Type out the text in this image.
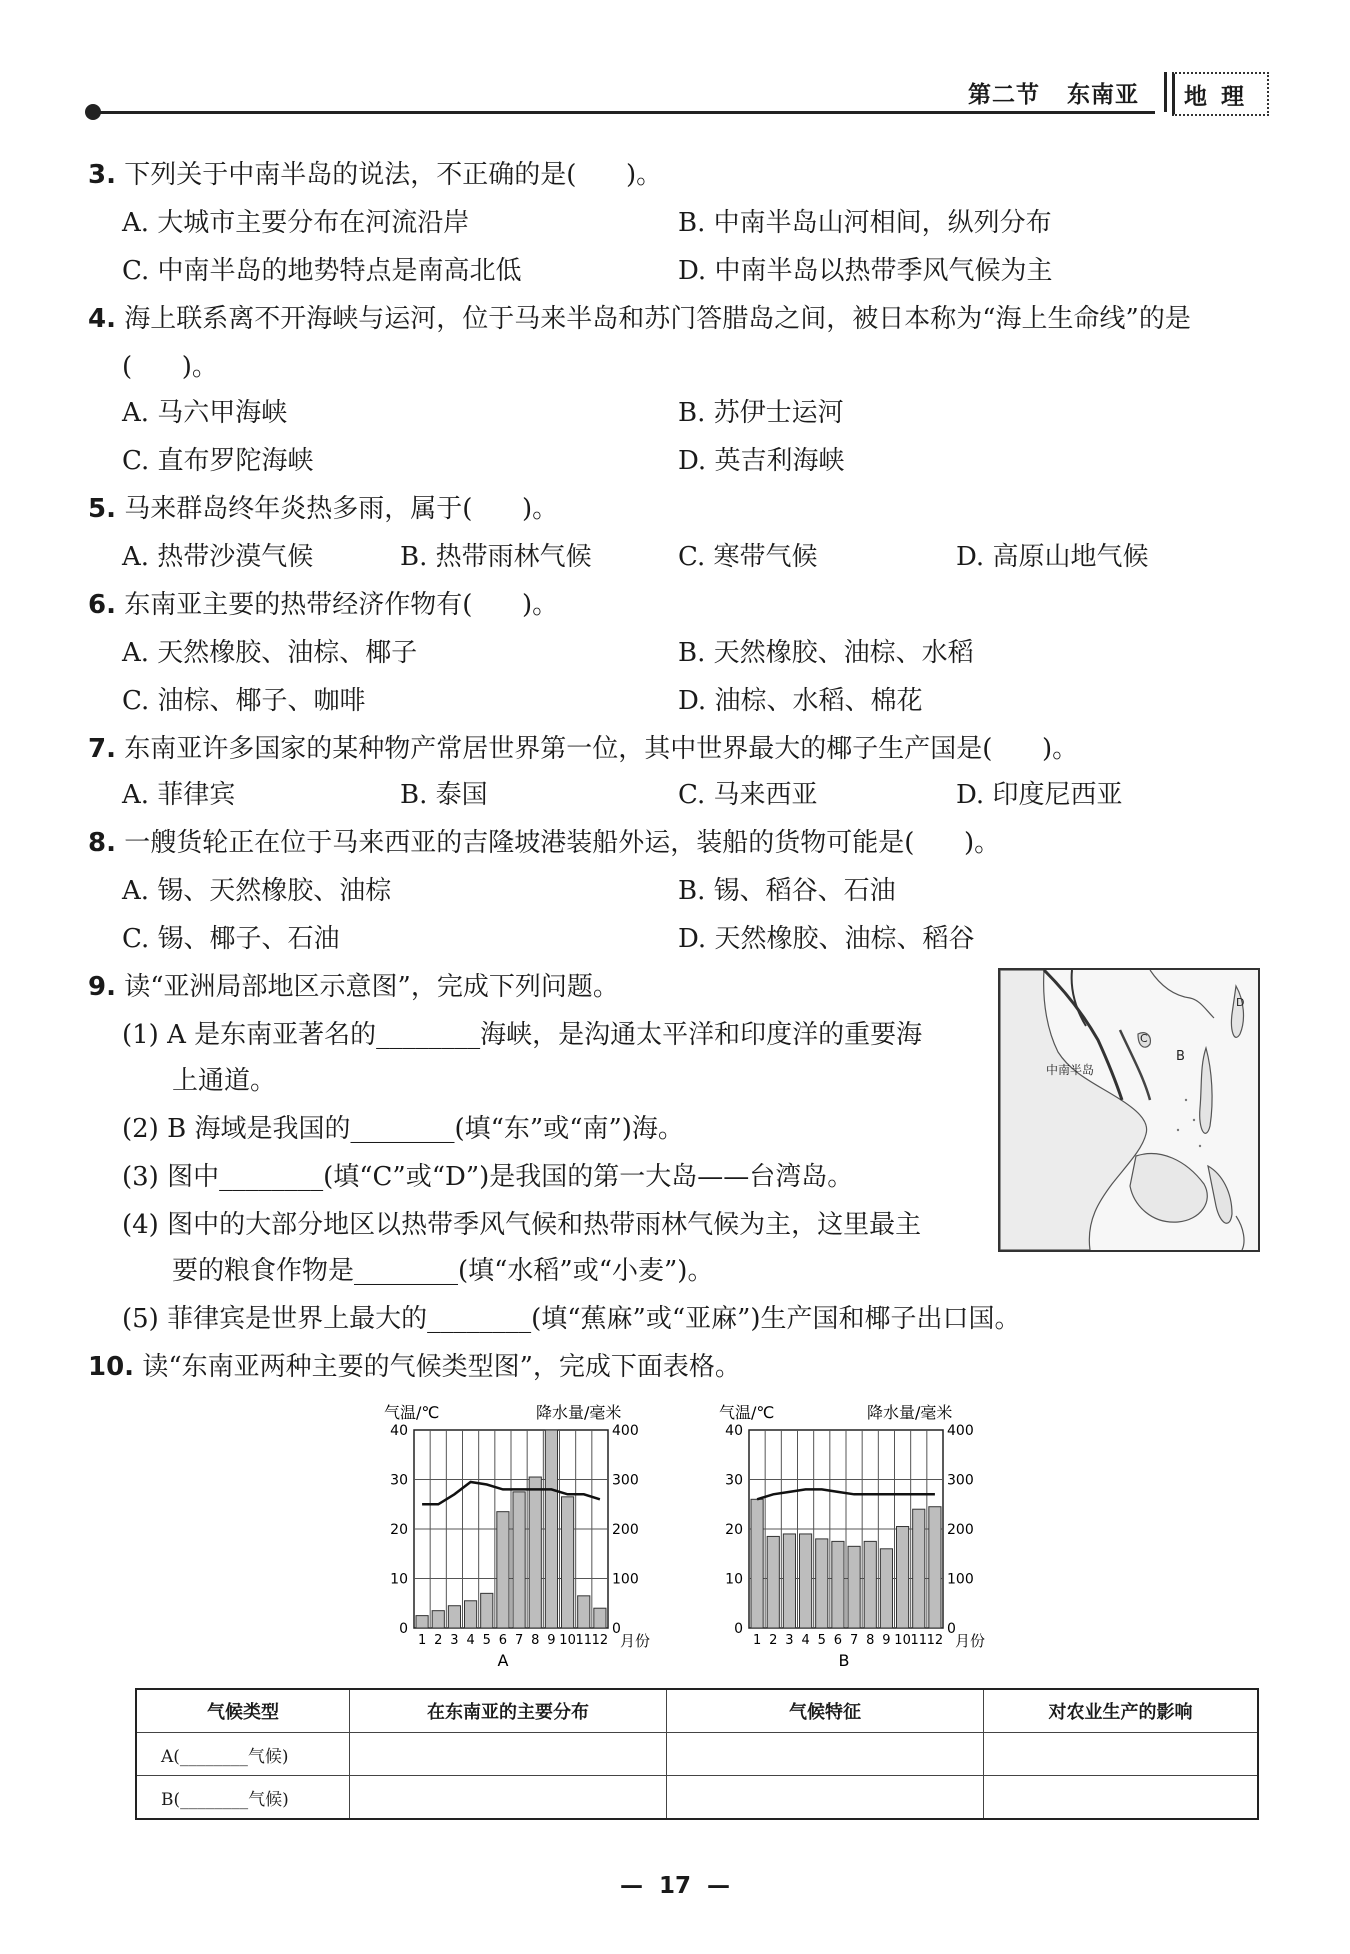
第二节   东南亚	地理
3. 下列关于中南半岛的说法，不正确的是(      )。
A. 大城市主要分布在河流沿岸	B. 中南半岛山河相间，纵列分布
C. 中南半岛的地势特点是南高北低	D. 中南半岛以热带季风气候为主
4. 海上联系离不开海峡与运河，位于马来半岛和苏门答腊岛之间，被日本称为“海上生命线”的是
(      )。
A. 马六甲海峡	B. 苏伊士运河
C. 直布罗陀海峡	D. 英吉利海峡
5. 马来群岛终年炎热多雨，属于(      )。
A. 热带沙漠气候	B. 热带雨林气候	C. 寒带气候	D. 高原山地气候
6. 东南亚主要的热带经济作物有(      )。
A. 天然橡胶、油棕、椰子	B. 天然橡胶、油棕、水稻
C. 油棕、椰子、咖啡	D. 油棕、水稻、棉花
7. 东南亚许多国家的某种物产常居世界第一位，其中世界最大的椰子生产国是(      )。
A. 菲律宾	B. 泰国	C. 马来西亚	D. 印度尼西亚
8. 一艘货轮正在位于马来西亚的吉隆坡港装船外运，装船的货物可能是(      )。
A. 锡、天然橡胶、油棕	B. 锡、稻谷、石油
C. 锡、椰子、石油	D. 天然橡胶、油棕、稻谷
9. 读“亚洲局部地区示意图”，完成下列问题。
(1) A 是东南亚著名的________海峡，是沟通太平洋和印度洋的重要海
上通道。
(2) B 海域是我国的________(填“东”或“南”)海。
(3) 图中________(填“C”或“D”)是我国的第一大岛——台湾岛。
(4) 图中的大部分地区以热带季风气候和热带雨林气候为主，这里最主
要的粮食作物是________(填“水稻”或“小麦”)。
(5) 菲律宾是世界上最大的________(填“蕉麻”或“亚麻”)生产国和椰子出口国。
中南半岛
B
C
D
10. 读“东南亚两种主要的气候类型图”，完成下面表格。
0
10
20
30
40
0
100
200
300
400
1 2 3 4 5 6 7 8 9 10 11 12
气温/℃	降水量/毫米
月份
A
0
10
20
30
40
0
100
200
300
400
1 2 3 4 5 6 7 8 9 10 11 12
气温/℃	降水量/毫米
月份
B
气候类型	在东南亚的主要分布	气候特征	对农业生产的影响
A(________气候)			
B(________气候)			
—  17  —
